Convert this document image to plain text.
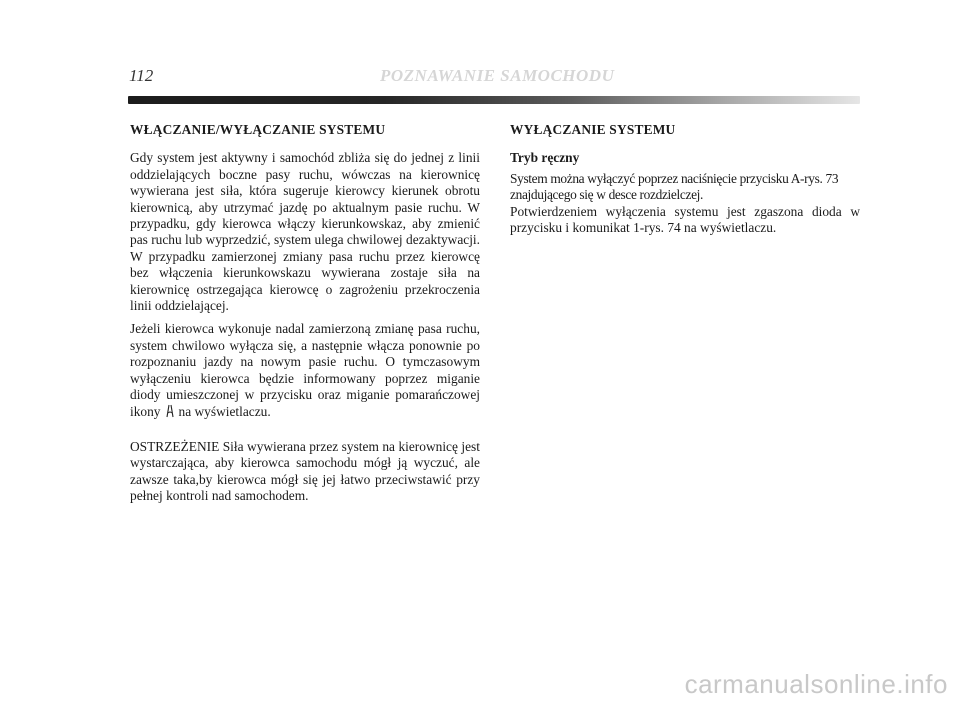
112	POZNAWANIE SAMOCHODU
WŁĄCZANIE/WYŁĄCZANIE SYSTEMU

Gdy system jest aktywny i samochód zbliża się do jednej z linii oddzielających boczne pasy ruchu, wówczas na kierownicę wywierana jest siła, która sugeruje kierowcy kierunek obrotu kierownicą, aby utrzymać jazdę po aktualnym pasie ruchu. W przypadku, gdy kierowca włączy kierunkowskaz, aby zmienić pas ruchu lub wyprzedzić, system ulega chwilowej dezaktywacji. W przypadku zamierzonej zmiany pasa ruchu przez kierowcę bez włączenia kierunkowskazu wywierana zostaje siła na kierownicę ostrzegająca kierowcę o zagrożeniu przekroczenia linii oddzielającej.

Jeżeli kierowca wykonuje nadal zamierzoną zmianę pasa ruchu, system chwilowo wyłącza się, a następnie włącza ponownie po rozpoznaniu jazdy na nowym pasie ruchu. O tymczasowym wyłączeniu kierowca będzie informowany poprzez miganie diody umieszczonej w przycisku oraz miganie pomarańczowej ikony na wyświetlaczu.

OSTRZEŻENIE Siła wywierana przez system na kierownicę jest wystarczająca, aby kierowca samochodu mógł ją wyczuć, ale zawsze taka,by kierowca mógł się jej łatwo przeciwstawić przy pełnej kontroli nad samochodem.

WYŁĄCZANIE SYSTEMU
Tryb ręczny

System można wyłączyć poprzez naciśnięcie przycisku A-rys. 73 znajdującego się w desce rozdzielczej.

Potwierdzeniem wyłączenia systemu jest zgaszona dioda w przycisku i komunikat 1-rys. 74 na wyświetlaczu.

carmanualsonline.info
